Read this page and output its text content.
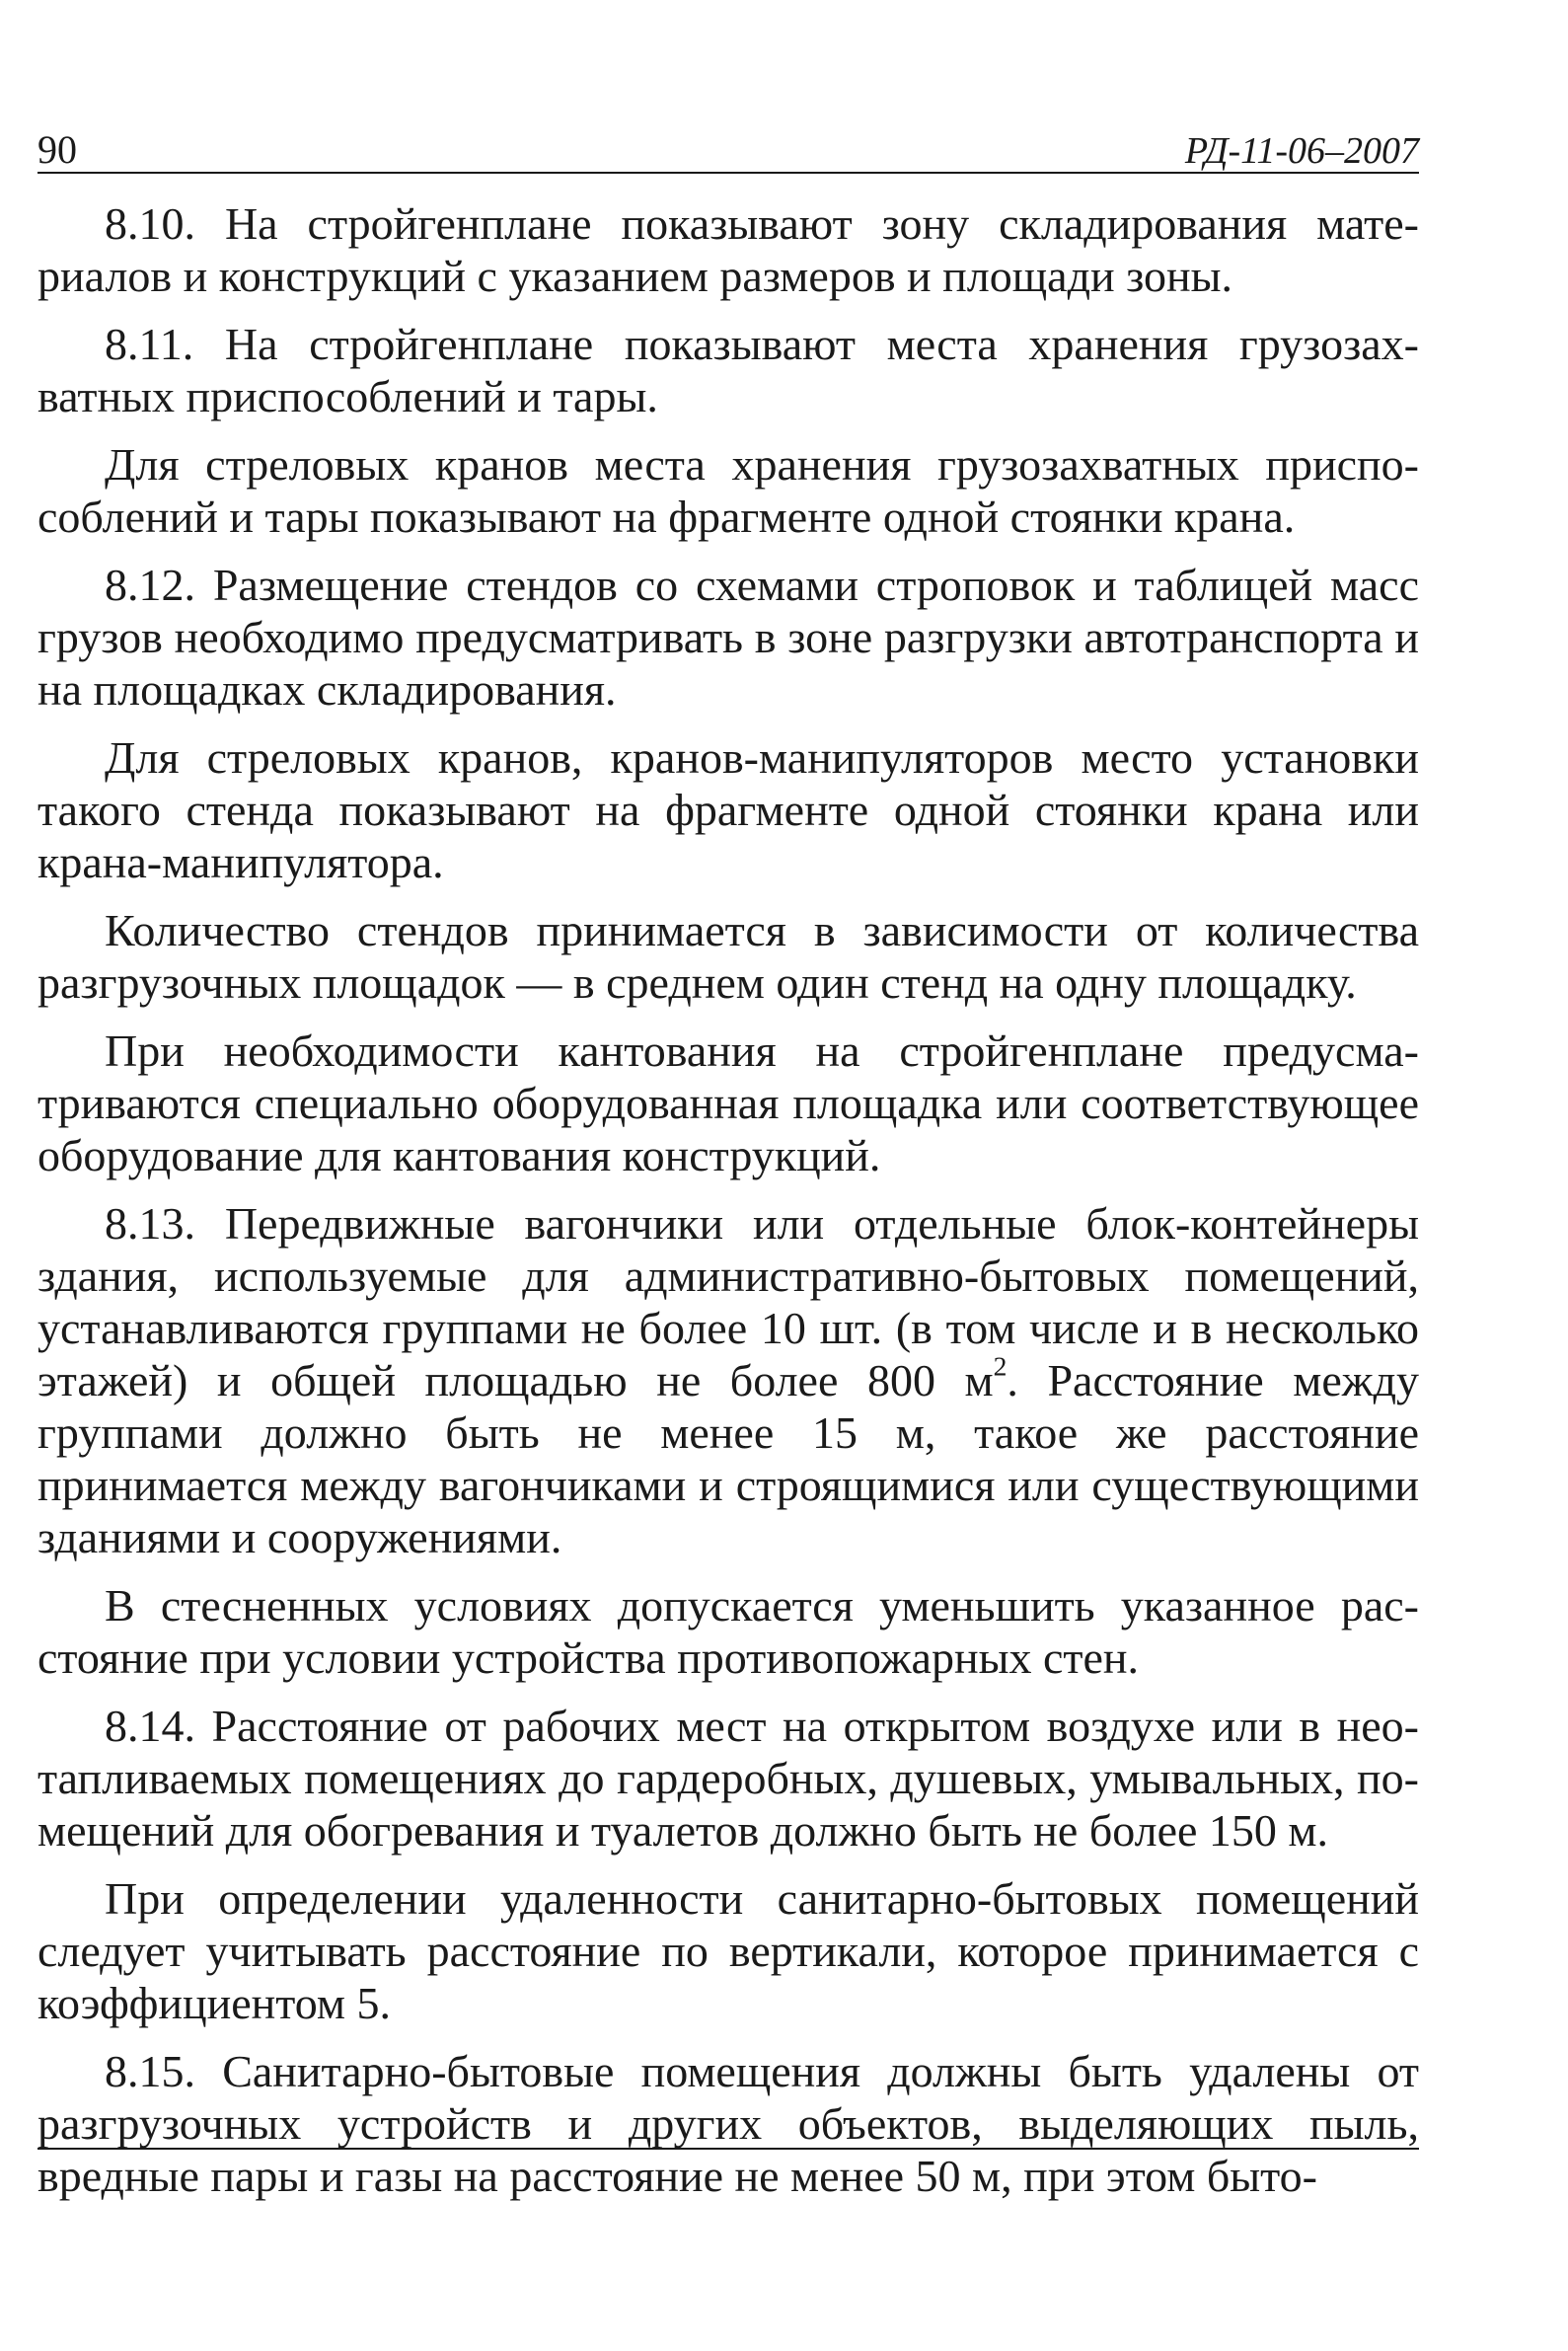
90	РД-11-06–2007

8.10. На стройгенплане показывают зону складирования материалов и конструкций с указанием размеров и площади зоны.

8.11. На стройгенплане показывают места хранения грузозахватных приспособлений и тары.

Для стреловых кранов места хранения грузозахватных приспособлений и тары показывают на фрагменте одной стоянки крана.

8.12. Размещение стендов со схемами строповок и таблицей масс грузов необходимо предусматривать в зоне разгрузки автотранспорта и на площадках складирования.

Для стреловых кранов, кранов-манипуляторов место установки такого стенда показывают на фрагменте одной стоянки крана или крана-манипулятора.

Количество стендов принимается в зависимости от количества разгрузочных площадок — в среднем один стенд на одну площадку.

При необходимости кантования на стройгенплане предусматриваются специально оборудованная площадка или соответствующее оборудование для кантования конструкций.

8.13. Передвижные вагончики или отдельные блок-контейнеры здания, используемые для административно-бытовых помещений, устанавливаются группами не более 10 шт. (в том числе и в несколько этажей) и общей площадью не более 800 $м^2$. Расстояние между группами должно быть не менее 15 м, такое же расстояние принимается между вагончиками и строящимися или существующими зданиями и сооружениями.

В стесненных условиях допускается уменьшить указанное расстояние при условии устройства противопожарных стен.

8.14. Расстояние от рабочих мест на открытом воздухе или в неотапливаемых помещениях до гардеробных, душевых, умывальных, помещений для обогревания и туалетов должно быть не более 150 м.

При определении удаленности санитарно-бытовых помещений следует учитывать расстояние по вертикали, которое принимается с коэффициентом 5.

8.15. Санитарно-бытовые помещения должны быть удалены от разгрузочных устройств и других объектов, выделяющих пыль, вредные пары и газы на расстояние не менее 50 м, при этом быто-
